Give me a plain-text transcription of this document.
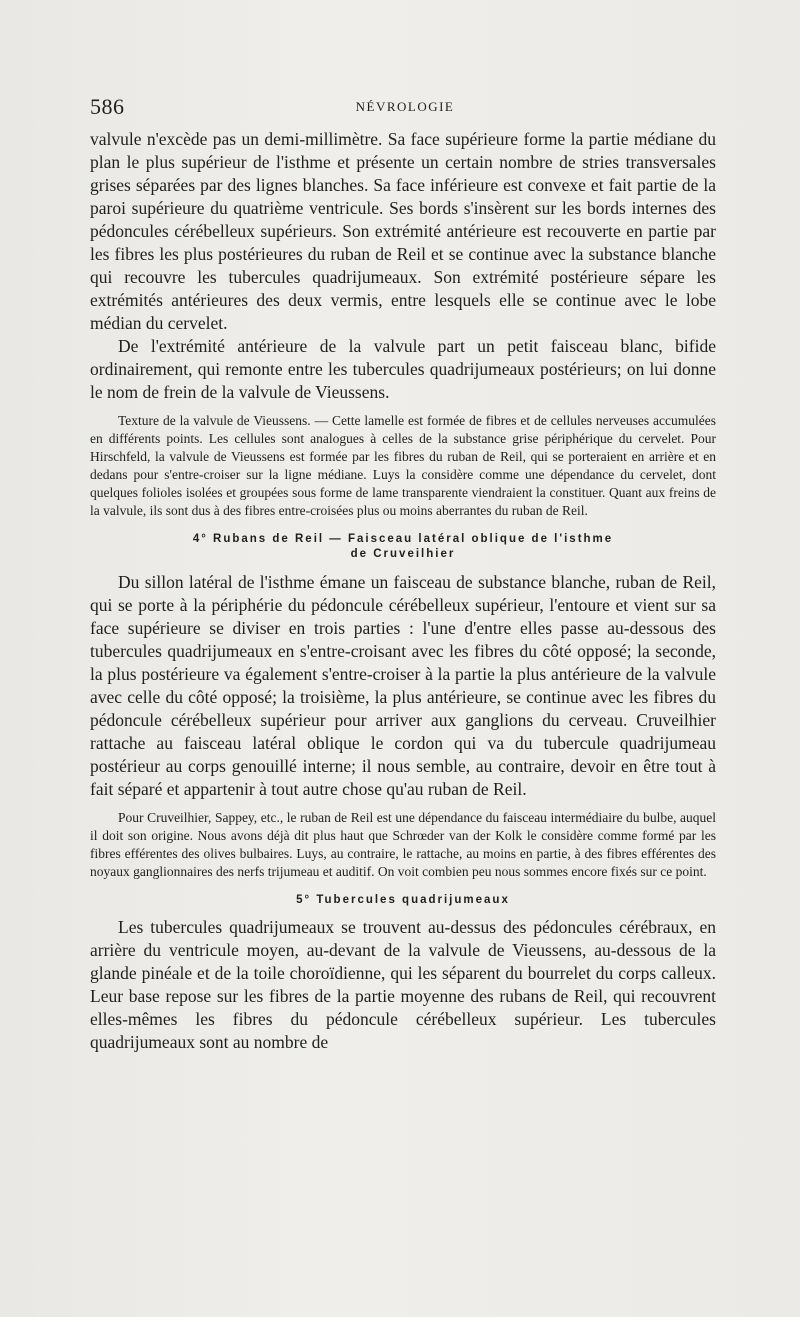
586	NÉVROLOGIE

valvule n'excède pas un demi-millimètre. Sa face supérieure forme la partie médiane du plan le plus supérieur de l'isthme et présente un certain nombre de stries transversales grises séparées par des lignes blanches. Sa face inférieure est convexe et fait partie de la paroi supérieure du quatrième ventricule. Ses bords s'insèrent sur les bords internes des pédoncules cérébelleux supérieurs. Son extrémité antérieure est recouverte en partie par les fibres les plus postérieures du ruban de Reil et se continue avec la substance blanche qui recouvre les tubercules quadrijumeaux. Son extrémité postérieure sépare les extrémités antérieures des deux vermis, entre lesquels elle se continue avec le lobe médian du cervelet.

De l'extrémité antérieure de la valvule part un petit faisceau blanc, bifide ordinairement, qui remonte entre les tubercules quadrijumeaux postérieurs; on lui donne le nom de frein de la valvule de Vieussens.

Texture de la valvule de Vieussens. — Cette lamelle est formée de fibres et de cellules nerveuses accumulées en différents points. Les cellules sont analogues à celles de la substance grise périphérique du cervelet. Pour Hirschfeld, la valvule de Vieussens est formée par les fibres du ruban de Reil, qui se porteraient en arrière et en dedans pour s'entre-croiser sur la ligne médiane. Luys la considère comme une dépendance du cervelet, dont quelques folioles isolées et groupées sous forme de lame transparente viendraient la constituer. Quant aux freins de la valvule, ils sont dus à des fibres entre-croisées plus ou moins aberrantes du ruban de Reil.

4° Rubans de Reil — Faisceau latéral oblique de l'isthme
de Cruveilhier

Du sillon latéral de l'isthme émane un faisceau de substance blanche, ruban de Reil, qui se porte à la périphérie du pédoncule cérébelleux supérieur, l'entoure et vient sur sa face supérieure se diviser en trois parties : l'une d'entre elles passe au-dessous des tubercules quadrijumeaux en s'entre-croisant avec les fibres du côté opposé; la seconde, la plus postérieure va également s'entre-croiser à la partie la plus antérieure de la valvule avec celle du côté opposé; la troisième, la plus antérieure, se continue avec les fibres du pédoncule cérébelleux supérieur pour arriver aux ganglions du cerveau. Cruveilhier rattache au faisceau latéral oblique le cordon qui va du tubercule quadrijumeau postérieur au corps genouillé interne; il nous semble, au contraire, devoir en être tout à fait séparé et appartenir à tout autre chose qu'au ruban de Reil.

Pour Cruveilhier, Sappey, etc., le ruban de Reil est une dépendance du faisceau intermédiaire du bulbe, auquel il doit son origine. Nous avons déjà dit plus haut que Schrœder van der Kolk le considère comme formé par les fibres efférentes des olives bulbaires. Luys, au contraire, le rattache, au moins en partie, à des fibres efférentes des noyaux ganglionnaires des nerfs trijumeau et auditif. On voit combien peu nous sommes encore fixés sur ce point.

5° Tubercules quadrijumeaux

Les tubercules quadrijumeaux se trouvent au-dessus des pédoncules cérébraux, en arrière du ventricule moyen, au-devant de la valvule de Vieussens, au-dessous de la glande pinéale et de la toile choroïdienne, qui les séparent du bourrelet du corps calleux. Leur base repose sur les fibres de la partie moyenne des rubans de Reil, qui recouvrent elles-mêmes les fibres du pédoncule cérébelleux supérieur. Les tubercules quadrijumeaux sont au nombre de
